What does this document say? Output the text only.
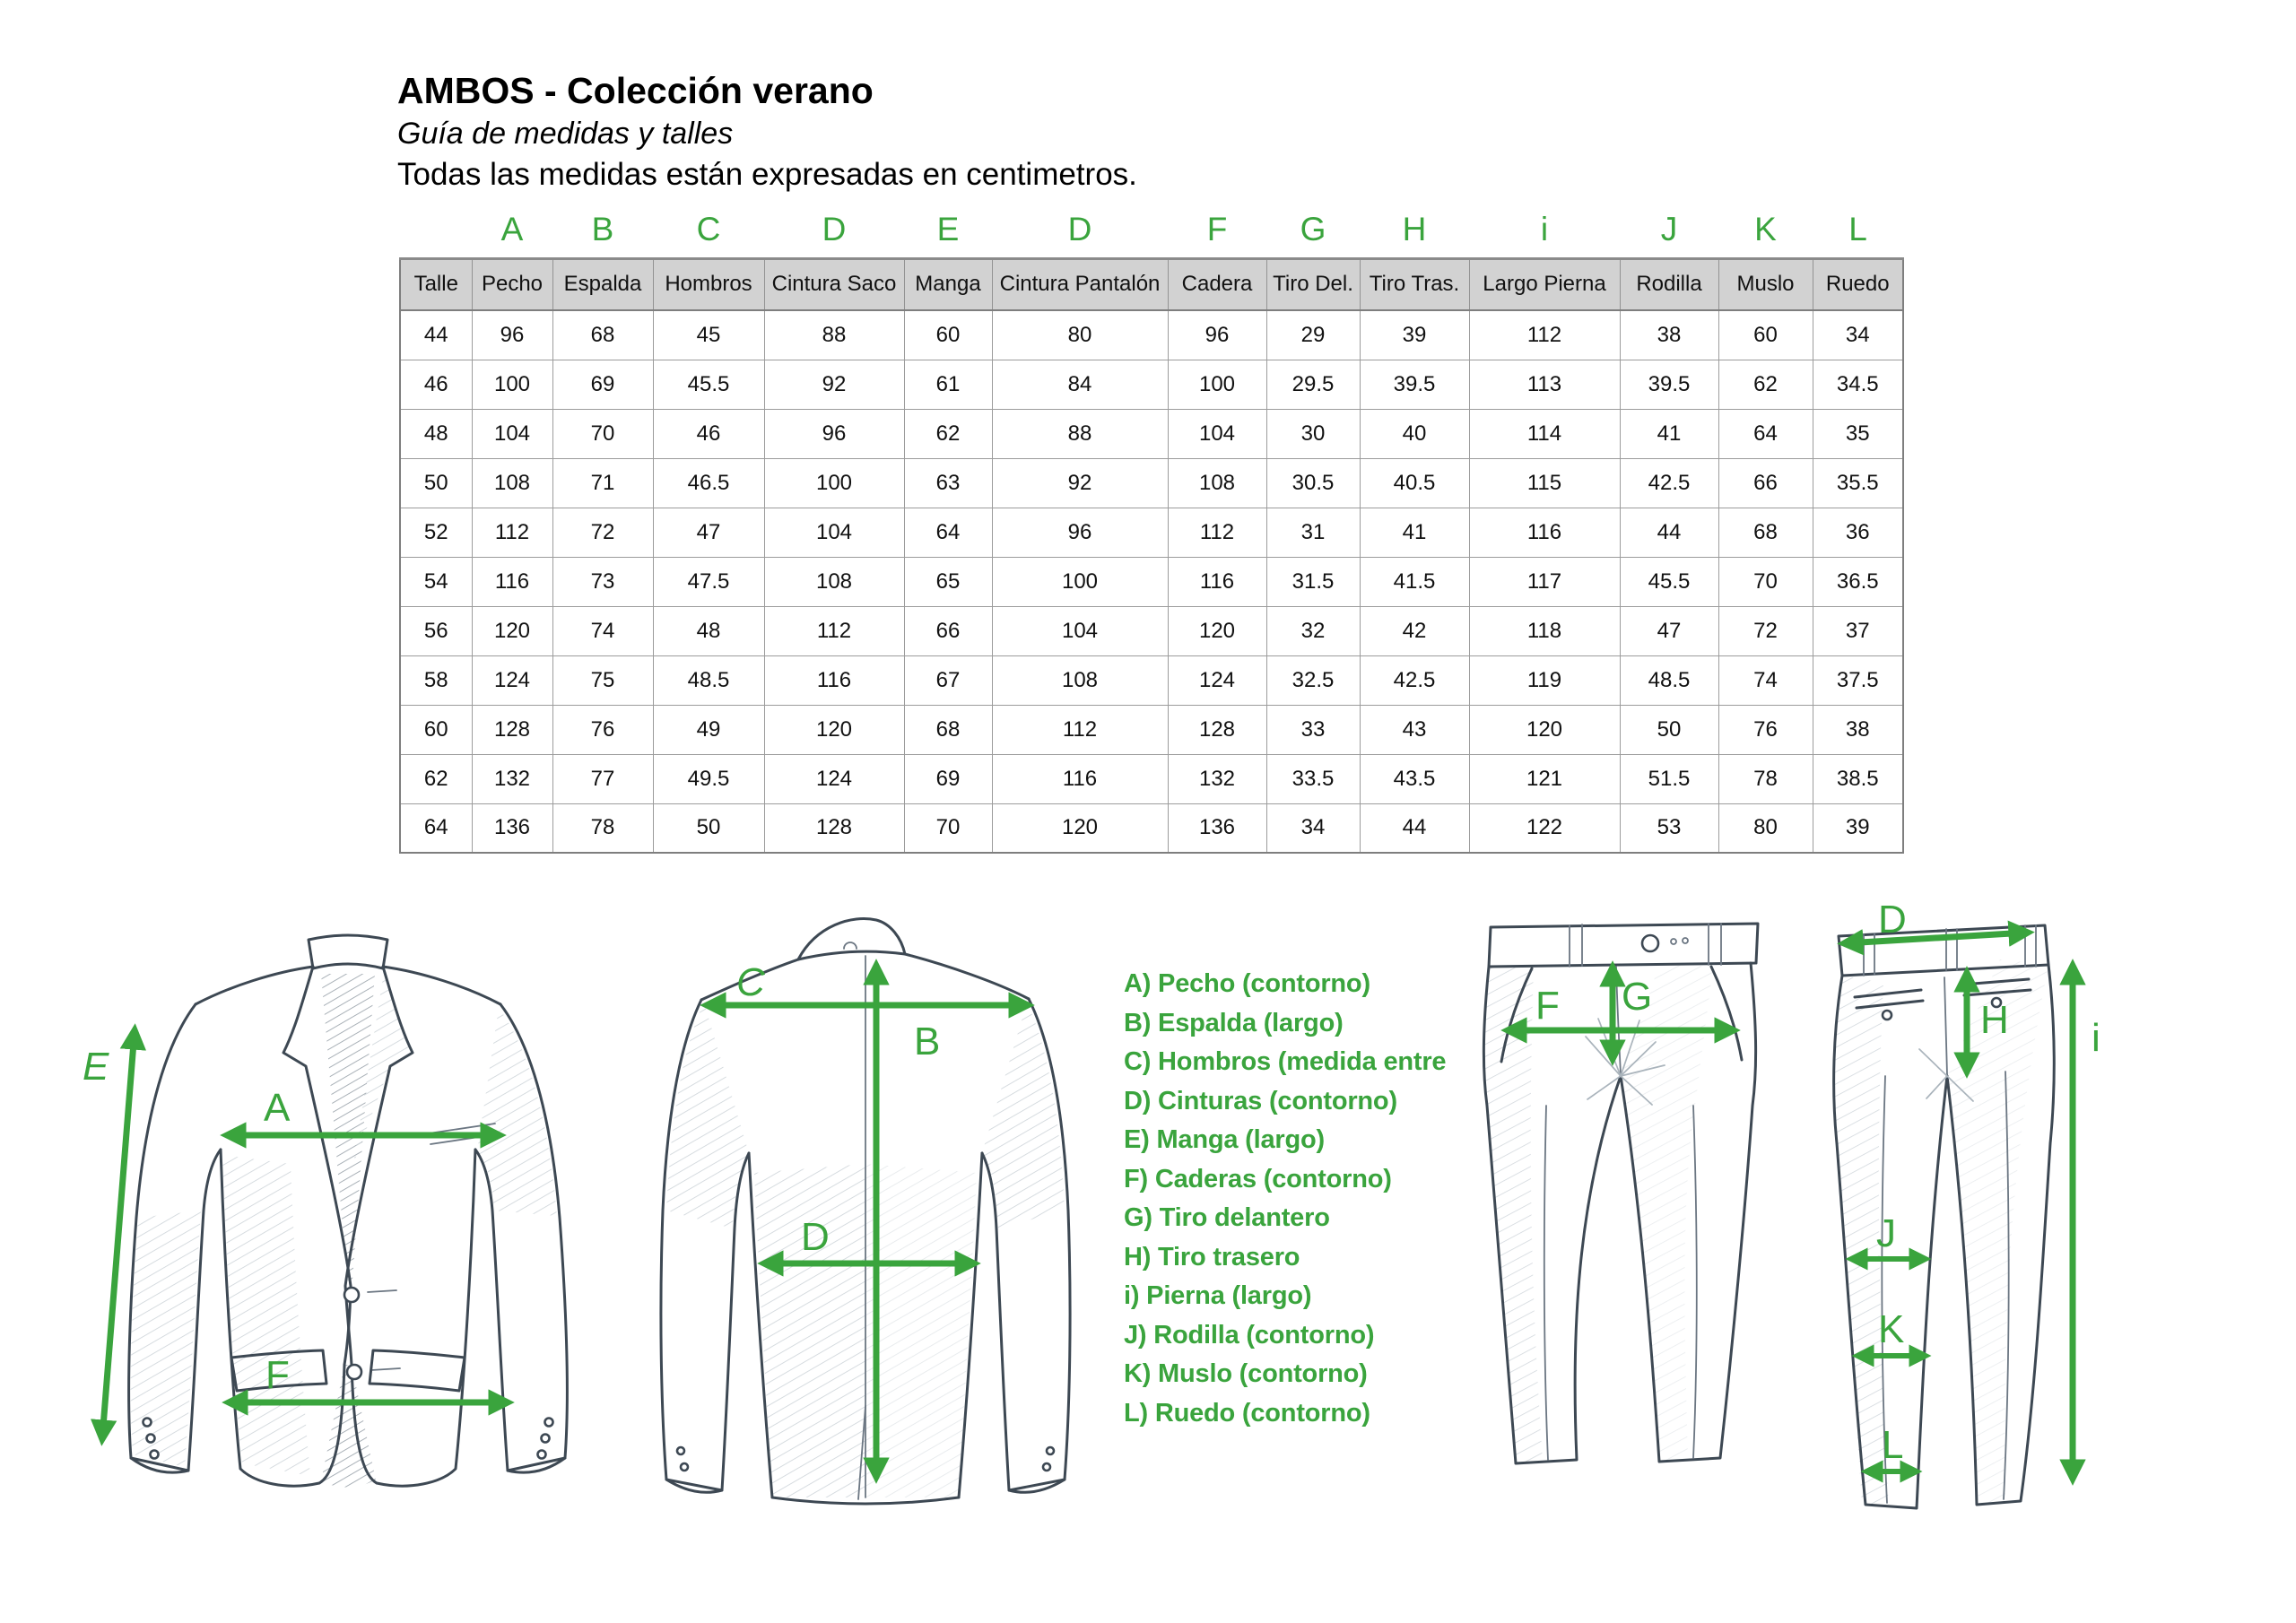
AMBOS - Colección verano
Guía de medidas y talles
Todas las medidas están expresadas en centimetros.
	A	B	C	D	E	D	F	G	H	i	J	K	L
Talle	Pecho	Espalda	Hombros	Cintura Saco	Manga	Cintura Pantalón	Cadera	Tiro Del.	Tiro Tras.	Largo Pierna	Rodilla	Muslo	Ruedo
44	96	68	45	88	60	80	96	29	39	112	38	60	34
46	100	69	45.5	92	61	84	100	29.5	39.5	113	39.5	62	34.5
48	104	70	46	96	62	88	104	30	40	114	41	64	35
50	108	71	46.5	100	63	92	108	30.5	40.5	115	42.5	66	35.5
52	112	72	47	104	64	96	112	31	41	116	44	68	36
54	116	73	47.5	108	65	100	116	31.5	41.5	117	45.5	70	36.5
56	120	74	48	112	66	104	120	32	42	118	47	72	37
58	124	75	48.5	116	67	108	124	32.5	42.5	119	48.5	74	37.5
60	128	76	49	120	68	112	128	33	43	120	50	76	38
62	132	77	49.5	124	69	116	132	33.5	43.5	121	51.5	78	38.5
64	136	78	50	128	70	120	136	34	44	122	53	80	39
A) Pecho (contorno)
B) Espalda (largo)
C) Hombros (medida entre
D) Cinturas (contorno)
E) Manga (largo)
F) Caderas (contorno)
G) Tiro delantero
H) Tiro trasero
i) Pierna (largo)
J) Rodilla (contorno)
K) Muslo (contorno)
L) Ruedo (contorno)
E
A
F
C
B
D
F G
D
H i
J
K
L
